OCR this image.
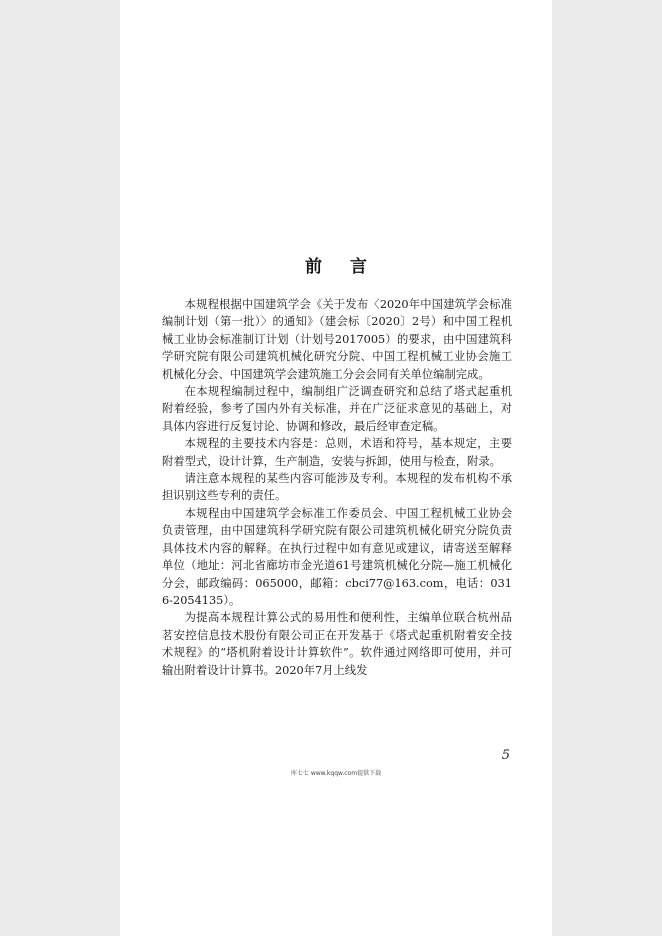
前 言

本规程根据中国建筑学会《关于发布〈2020年中国建筑学会标准编制计划（第一批）〉的通知》（建会标〔2020〕2号）和中国工程机械工业协会标准制订计划（计划号2017005）的要求，由中国建筑科学研究院有限公司建筑机械化研究分院、中国工程机械工业协会施工机械化分会、中国建筑学会建筑施工分会会同有关单位编制完成。

在本规程编制过程中，编制组广泛调查研究和总结了塔式起重机附着经验，参考了国内外有关标准，并在广泛征求意见的基础上，对具体内容进行反复讨论、协调和修改，最后经审查定稿。

本规程的主要技术内容是：总则，术语和符号，基本规定，主要附着型式，设计计算，生产制造，安装与拆卸，使用与检查，附录。

请注意本规程的某些内容可能涉及专利。本规程的发布机构不承担识别这些专利的责任。

本规程由中国建筑学会标准工作委员会、中国工程机械工业协会负责管理，由中国建筑科学研究院有限公司建筑机械化研究分院负责具体技术内容的解释。在执行过程中如有意见或建议，请寄送至解释单位（地址：河北省廊坊市金光道61号建筑机械化分院—施工机械化分会，邮政编码：065000，邮箱：cbci77@163.com，电话：0316-2054135）。

为提高本规程计算公式的易用性和便利性，主编单位联合杭州品茗安控信息技术股份有限公司正在开发基于《塔式起重机附着安全技术规程》的“塔机附着设计计算软件”。软件通过网络即可使用，并可输出附着设计计算书。2020年7月上线发

5
库七七 www.kqqw.com提供下载
